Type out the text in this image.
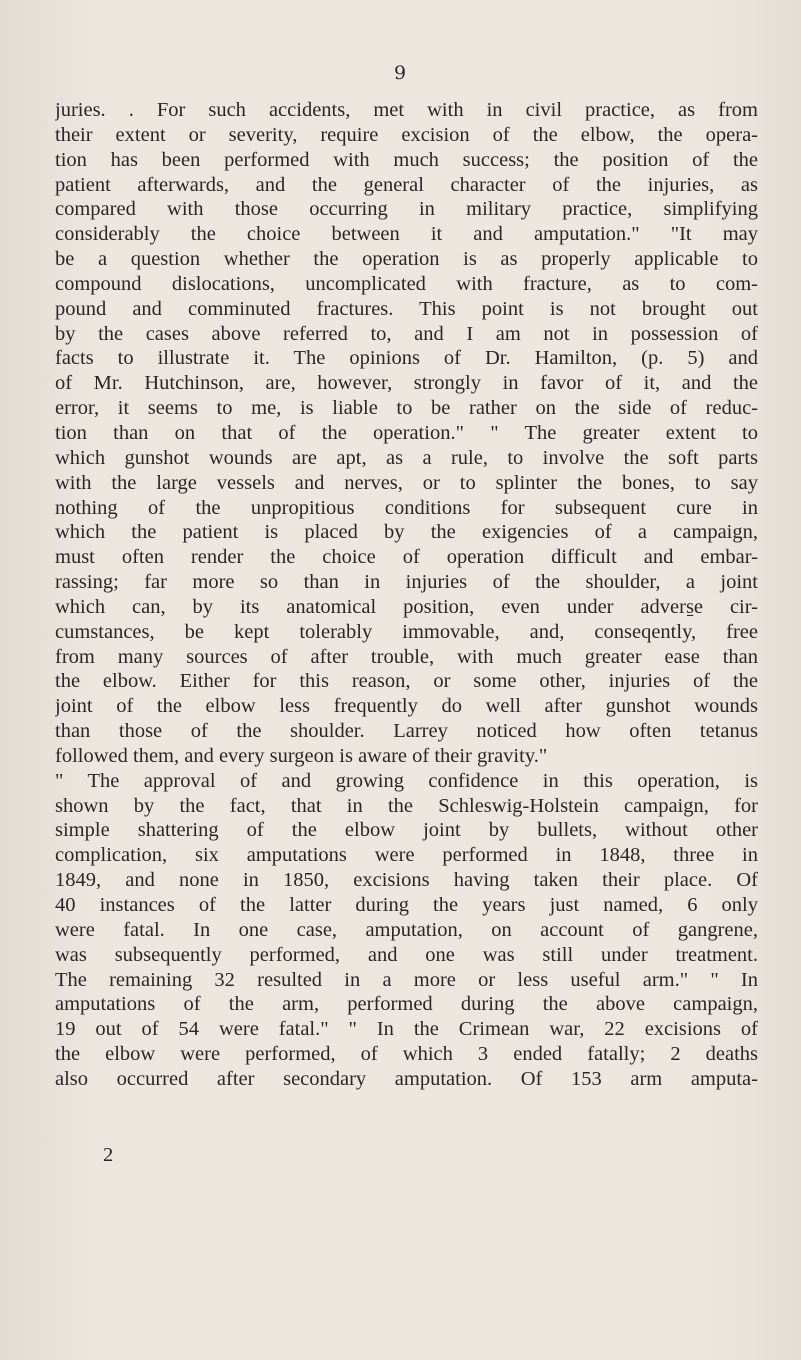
9
juries. . For such accidents, met with in civil practice, as from
their extent or severity, require excision of the elbow, the opera-
tion has been performed with much success; the position of the
patient afterwards, and the general character of the injuries, as
compared with those occurring in military practice, simplifying
considerably the choice between it and amputation." "It may
be a question whether the operation is as properly applicable to
compound dislocations, uncomplicated with fracture, as to com-
pound and comminuted fractures. This point is not brought out
by the cases above referred to, and I am not in possession of
facts to illustrate it. The opinions of Dr. Hamilton, (p. 5) and
of Mr. Hutchinson, are, however, strongly in favor of it, and the
error, it seems to me, is liable to be rather on the side of reduc-
tion than on that of the operation." " The greater extent to
which gunshot wounds are apt, as a rule, to involve the soft parts
with the large vessels and nerves, or to splinter the bones, to say
nothing of the unpropitious conditions for subsequent cure in
which the patient is placed by the exigencies of a campaign,
must often render the choice of operation difficult and embar-
rassing; far more so than in injuries of the shoulder, a joint
which can, by its anatomical position, even under advers̱e cir-
cumstances, be kept tolerably immovable, and, conseqently, free
from many sources of after trouble, with much greater ease than
the elbow. Either for this reason, or some other, injuries of the
joint of the elbow less frequently do well after gunshot wounds
than those of the shoulder. Larrey noticed how often tetanus
followed them, and every surgeon is aware of their gravity."
" The approval of and growing confidence in this operation, is
shown by the fact, that in the Schleswig-Holstein campaign, for
simple shattering of the elbow joint by bullets, without other
complication, six amputations were performed in 1848, three in
1849, and none in 1850, excisions having taken their place. Of
40 instances of the latter during the years just named, 6 only
were fatal. In one case, amputation, on account of gangrene,
was subsequently performed, and one was still under treatment.
The remaining 32 resulted in a more or less useful arm." " In
amputations of the arm, performed during the above campaign,
19 out of 54 were fatal." " In the Crimean war, 22 excisions of
the elbow were performed, of which 3 ended fatally; 2 deaths
also occurred after secondary amputation. Of 153 arm amputa-
2
